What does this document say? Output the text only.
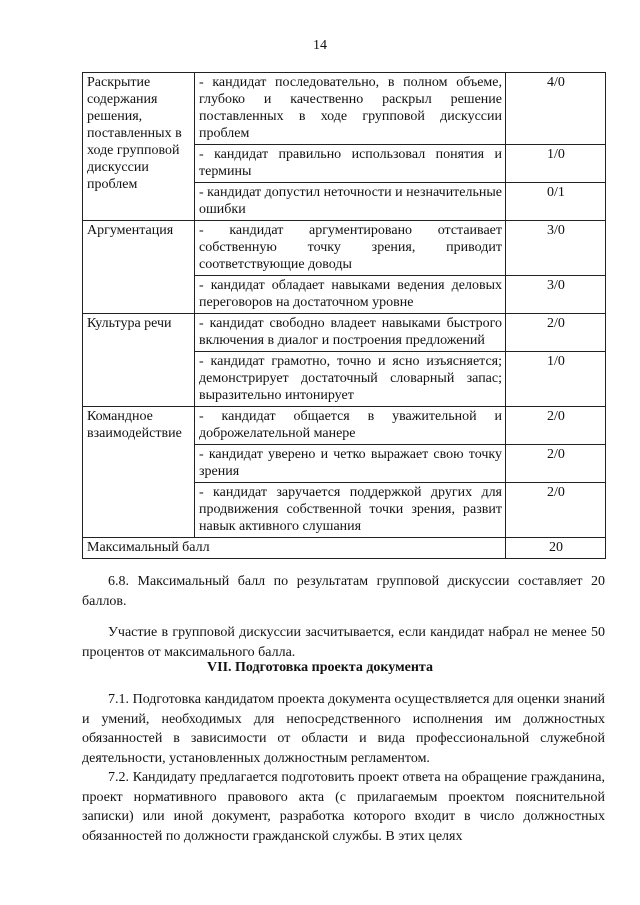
14
Раскрытие содержания решения, поставленных в ходе групповой дискуссии проблем	- кандидат последовательно, в полном объеме, глубоко и качественно раскрыл решение поставленных в ходе групповой дискуссии проблем	4/0
	- кандидат правильно использовал понятия и термины	1/0
	- кандидат допустил неточности и незначительные ошибки	0/1
Аргументация	- кандидат аргументировано отстаивает собственную точку зрения, приводит соответствующие доводы	3/0
	- кандидат обладает навыками ведения деловых переговоров на достаточном уровне	3/0
Культура речи	- кандидат свободно владеет навыками быстрого включения в диалог и построения предложений	2/0
	- кандидат грамотно, точно и ясно изъясняется; демонстрирует достаточный словарный запас; выразительно интонирует	1/0
Командное взаимодействие	- кандидат общается в уважительной и доброжелательной манере	2/0
	- кандидат уверено и четко выражает свою точку зрения	2/0
	- кандидат заручается поддержкой других для продвижения собственной точки зрения, развит навык активного слушания	2/0
Максимальный балл		20

6.8. Максимальный балл по результатам групповой дискуссии составляет 20 баллов.

Участие в групповой дискуссии засчитывается, если кандидат набрал не менее 50 процентов от максимального балла.

VII. Подготовка проекта документа

7.1. Подготовка кандидатом проекта документа осуществляется для оценки знаний и умений, необходимых для непосредственного исполнения им должностных обязанностей в зависимости от области и вида профессиональной служебной деятельности, установленных должностным регламентом.

7.2. Кандидату предлагается подготовить проект ответа на обращение гражданина, проект нормативного правового акта (с прилагаемым проектом пояснительной записки) или иной документ, разработка которого входит в число должностных обязанностей по должности гражданской службы. В этих целях
